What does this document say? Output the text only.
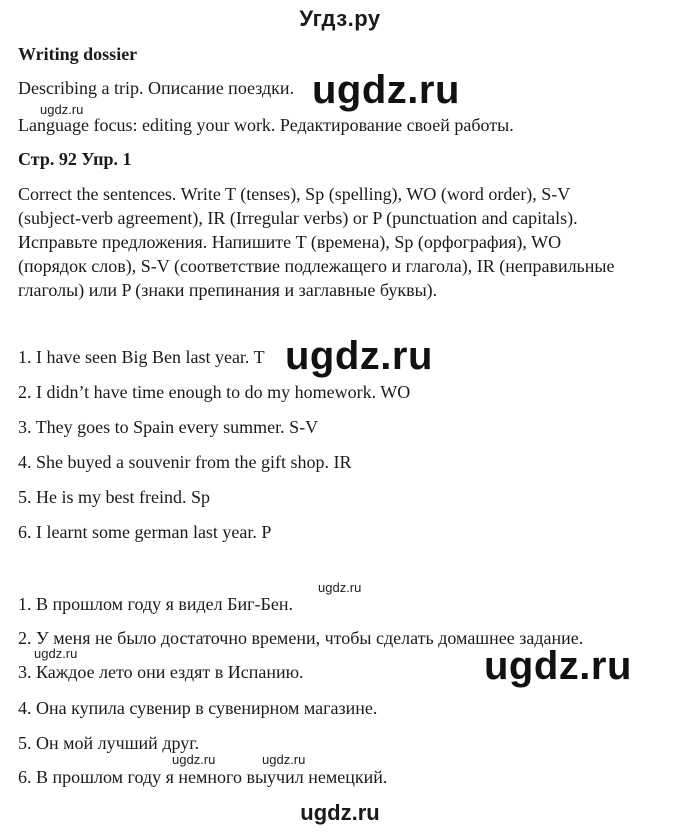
Угдз.ру
Writing dossier
Describing a trip. Описание поездки.
Language focus: editing your work. Редактирование своей работы.
Стр. 92 Упр. 1
Correct the sentences. Write T (tenses), Sp (spelling), WO (word order), S-V
(subject-verb agreement), IR (Irregular verbs) or P (punctuation and capitals).
Исправьте предложения. Напишите T (времена), Sp (орфография), WO
(порядок слов), S-V (соответствие подлежащего и глагола), IR (неправильные
глаголы) или P (знаки препинания и заглавные буквы).
1. I have seen Big Ben last year. T
2. I didn’t have time enough to do my homework. WO
3. They goes to Spain every summer. S-V
4. She buyed a souvenir from the gift shop. IR
5. He is my best freind. Sp
6. I learnt some german last year. P
1. В прошлом году я видел Биг-Бен.
2. У меня не было достаточно времени, чтобы сделать домашнее задание.
3. Каждое лето они ездят в Испанию.
4. Она купила сувенир в сувенирном магазине.
5. Он мой лучший друг.
6. В прошлом году я немного выучил немецкий.
ugdz.ru
ugdz.ru
ugdz.ru
ugdz.ru
ugdz.ru	ugdz.ru
ugdz.ru	ugdz.ru
ugdz.ru
